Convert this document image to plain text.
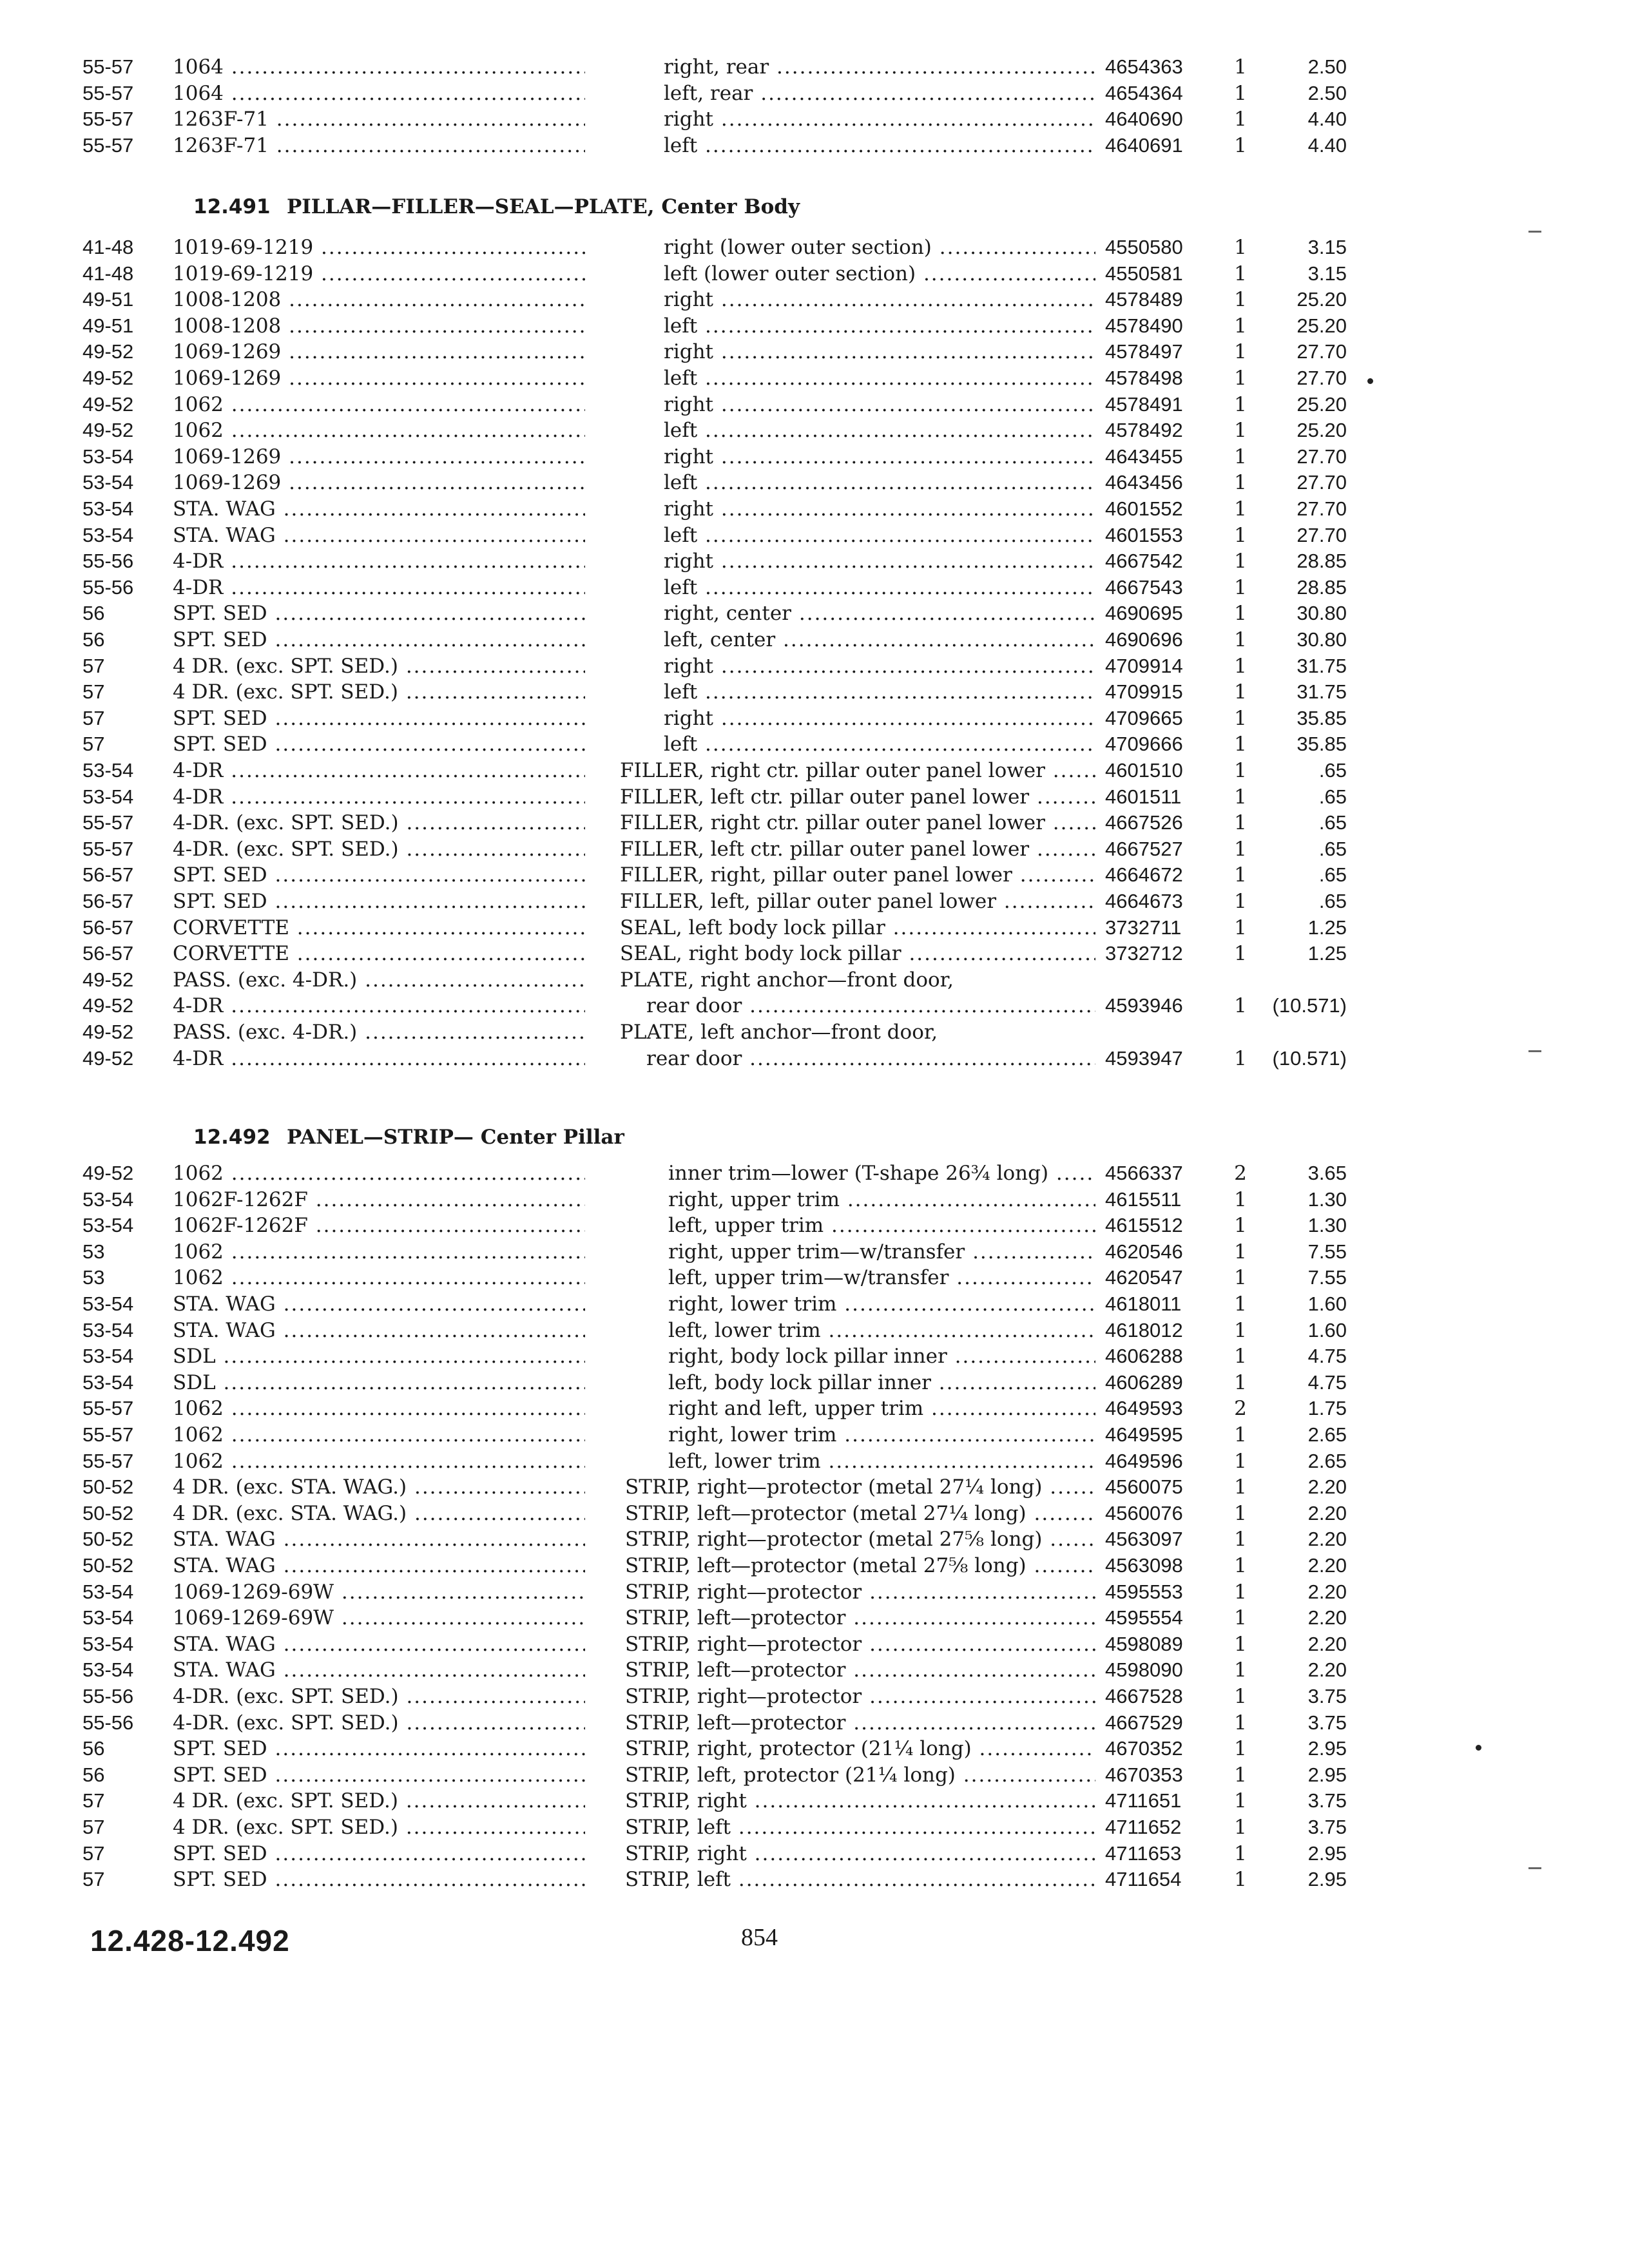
55-57	1064 .....	right, rear .....	4654363	1	2.50
55-57	1064 .....	left, rear .....	4654364	1	2.50
55-57	1263F-71 .....	right .....	4640690	1	4.40
55-57	1263F-71 .....	left .....	4640691	1	4.40
12.491 PILLAR—FILLER—SEAL—PLATE, Center Body
41-48	1019-69-1219 .....	right (lower outer section) .....	4550580	1	3.15
41-48	1019-69-1219 .....	left (lower outer section) .....	4550581	1	3.15
49-51	1008-1208 .....	right .....	4578489	1	25.20
49-51	1008-1208 .....	left .....	4578490	1	25.20
49-52	1069-1269 .....	right .....	4578497	1	27.70
49-52	1069-1269 .....	left .....	4578498	1	27.70
49-52	1062 .....	right .....	4578491	1	25.20
49-52	1062 .....	left .....	4578492	1	25.20
53-54	1069-1269 .....	right .....	4643455	1	27.70
53-54	1069-1269 .....	left .....	4643456	1	27.70
53-54	STA. WAG .....	right .....	4601552	1	27.70
53-54	STA. WAG .....	left .....	4601553	1	27.70
55-56	4-DR .....	right .....	4667542	1	28.85
55-56	4-DR .....	left .....	4667543	1	28.85
56	SPT. SED .....	right, center .....	4690695	1	30.80
56	SPT. SED .....	left, center .....	4690696	1	30.80
57	4 DR. (exc. SPT. SED.) .....	right .....	4709914	1	31.75
57	4 DR. (exc. SPT. SED.) .....	left .....	4709915	1	31.75
57	SPT. SED .....	right .....	4709665	1	35.85
57	SPT. SED .....	left .....	4709666	1	35.85
53-54	4-DR .....	FILLER, right ctr. pillar outer panel lower .....	4601510	1	.65
53-54	4-DR .....	FILLER, left ctr. pillar outer panel lower .....	4601511	1	.65
55-57	4-DR. (exc. SPT. SED.) .....	FILLER, right ctr. pillar outer panel lower .....	4667526	1	.65
55-57	4-DR. (exc. SPT. SED.) .....	FILLER, left ctr. pillar outer panel lower .....	4667527	1	.65
56-57	SPT. SED .....	FILLER, right, pillar outer panel lower .....	4664672	1	.65
56-57	SPT. SED .....	FILLER, left, pillar outer panel lower .....	4664673	1	.65
56-57	CORVETTE .....	SEAL, left body lock pillar .....	3732711	1	1.25
56-57	CORVETTE .....	SEAL, right body lock pillar .....	3732712	1	1.25
49-52	PASS. (exc. 4-DR.) .....	PLATE, right anchor—front door,
49-52	4-DR .....	rear door .....	4593946	1	(10.571)
49-52	PASS. (exc. 4-DR.) .....	PLATE, left anchor—front door,
49-52	4-DR .....	rear door .....	4593947	1	(10.571)
12.492 PANEL—STRIP— Center Pillar
49-52	1062 .....	inner trim—lower (T-shape 26¾ long) .....	4566337	2	3.65
53-54	1062F-1262F .....	right, upper trim .....	4615511	1	1.30
53-54	1062F-1262F .....	left, upper trim .....	4615512	1	1.30
53	1062 .....	right, upper trim—w/transfer .....	4620546	1	7.55
53	1062 .....	left, upper trim—w/transfer .....	4620547	1	7.55
53-54	STA. WAG .....	right, lower trim .....	4618011	1	1.60
53-54	STA. WAG .....	left, lower trim .....	4618012	1	1.60
53-54	SDL .....	right, body lock pillar inner .....	4606288	1	4.75
53-54	SDL .....	left, body lock pillar inner .....	4606289	1	4.75
55-57	1062 .....	right and left, upper trim .....	4649593	2	1.75
55-57	1062 .....	right, lower trim .....	4649595	1	2.65
55-57	1062 .....	left, lower trim .....	4649596	1	2.65
50-52	4 DR. (exc. STA. WAG.) .....	STRIP, right—protector (metal 27¼ long) .....	4560075	1	2.20
50-52	4 DR. (exc. STA. WAG.) .....	STRIP, left—protector (metal 27¼ long) .....	4560076	1	2.20
50-52	STA. WAG .....	STRIP, right—protector (metal 27⅝ long) .....	4563097	1	2.20
50-52	STA. WAG .....	STRIP, left—protector (metal 27⅝ long) .....	4563098	1	2.20
53-54	1069-1269-69W .....	STRIP, right—protector .....	4595553	1	2.20
53-54	1069-1269-69W .....	STRIP, left—protector .....	4595554	1	2.20
53-54	STA. WAG .....	STRIP, right—protector .....	4598089	1	2.20
53-54	STA. WAG .....	STRIP, left—protector .....	4598090	1	2.20
55-56	4-DR. (exc. SPT. SED.) .....	STRIP, right—protector .....	4667528	1	3.75
55-56	4-DR. (exc. SPT. SED.) .....	STRIP, left—protector .....	4667529	1	3.75
56	SPT. SED .....	STRIP, right, protector (21¼ long) .....	4670352	1	2.95
56	SPT. SED .....	STRIP, left, protector (21¼ long) .....	4670353	1	2.95
57	4 DR. (exc. SPT. SED.) .....	STRIP, right .....	4711651	1	3.75
57	4 DR. (exc. SPT. SED.) .....	STRIP, left .....	4711652	1	3.75
57	SPT. SED .....	STRIP, right .....	4711653	1	2.95
57	SPT. SED .....	STRIP, left .....	4711654	1	2.95
12.428-12.492	854
